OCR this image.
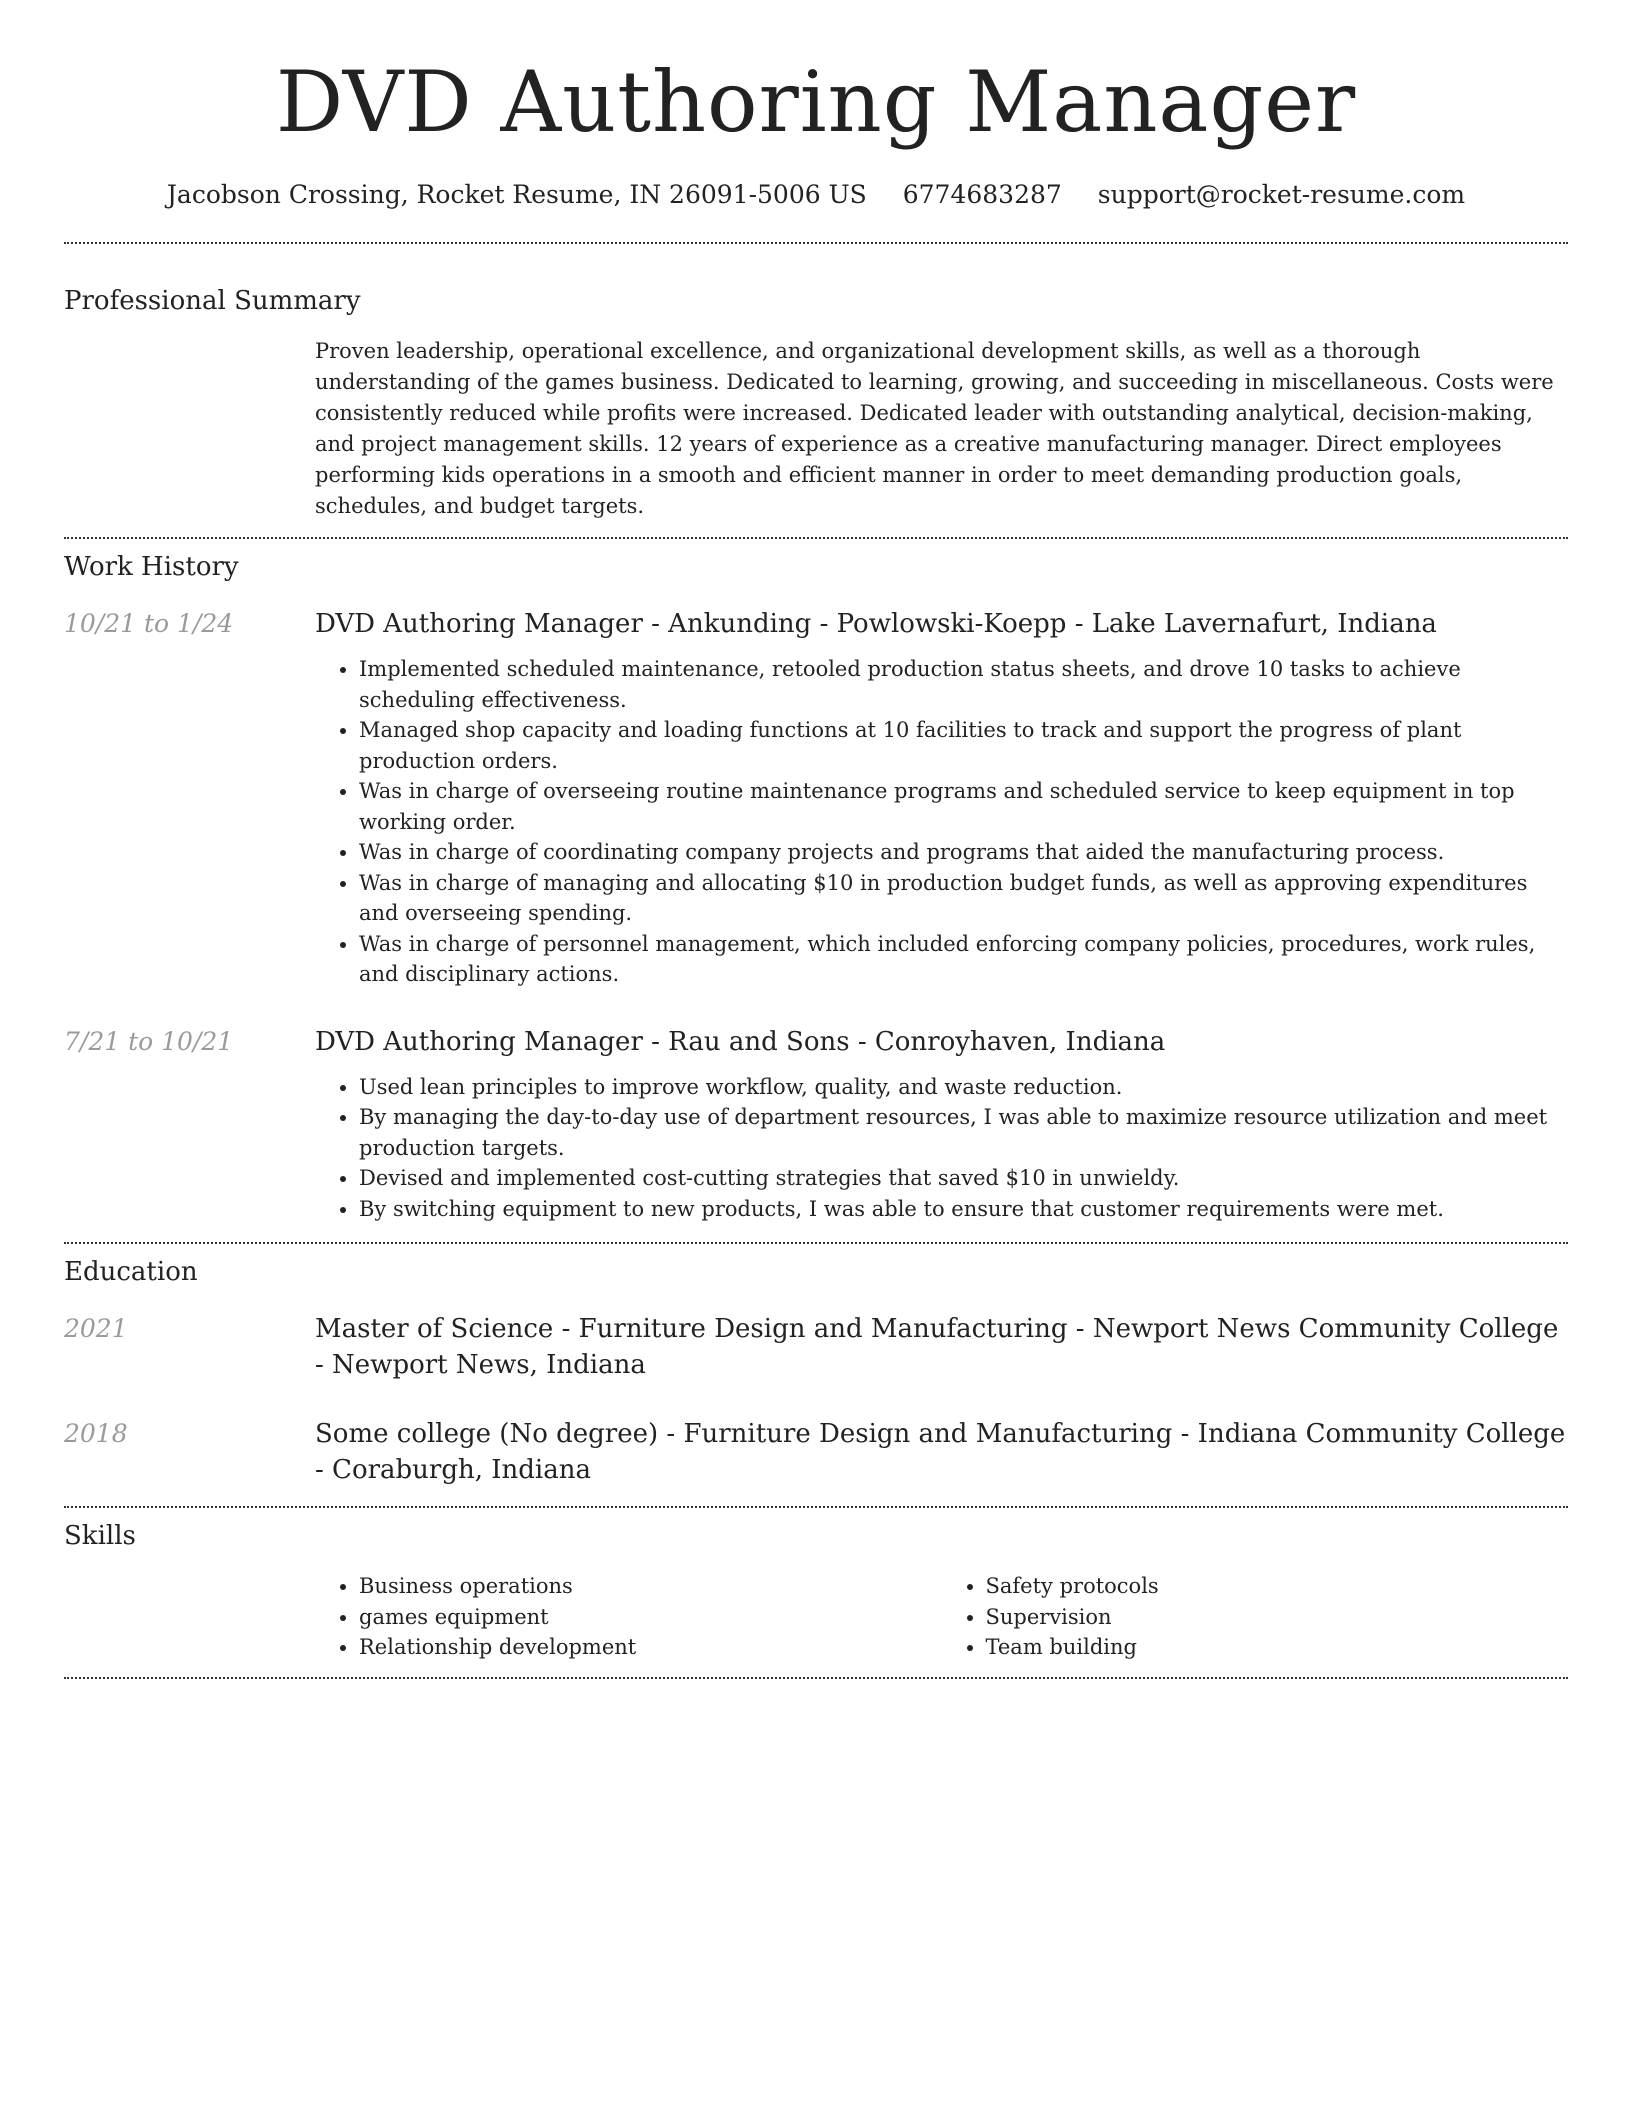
DVD Authoring Manager
Jacobson Crossing, Rocket Resume, IN 26091-5006 US 6774683287 support@rocket-resume.com
Professional Summary

Proven leadership, operational excellence, and organizational development skills, as well as a thorough understanding of the games business. Dedicated to learning, growing, and succeeding in miscellaneous. Costs were consistently reduced while profits were increased. Dedicated leader with outstanding analytical, decision-making, and project management skills. 12 years of experience as a creative manufacturing manager. Direct employees performing kids operations in a smooth and efficient manner in order to meet demanding production goals, schedules, and budget targets.

Work History
10/21 to 1/24	DVD Authoring Manager - Ankunding - Powlowski-Koepp - Lake Lavernafurt, Indiana

• Implemented scheduled maintenance, retooled production status sheets, and drove 10 tasks to achieve scheduling effectiveness.
• Managed shop capacity and loading functions at 10 facilities to track and support the progress of plant production orders.
• Was in charge of overseeing routine maintenance programs and scheduled service to keep equipment in top working order.
• Was in charge of coordinating company projects and programs that aided the manufacturing process.
• Was in charge of managing and allocating $10 in production budget funds, as well as approving expenditures and overseeing spending.
• Was in charge of personnel management, which included enforcing company policies, procedures, work rules, and disciplinary actions.
7/21 to 10/21	DVD Authoring Manager - Rau and Sons - Conroyhaven, Indiana

• Used lean principles to improve workflow, quality, and waste reduction.
• By managing the day-to-day use of department resources, I was able to maximize resource utilization and meet production targets.
• Devised and implemented cost-cutting strategies that saved $10 in unwieldy.
• By switching equipment to new products, I was able to ensure that customer requirements were met.
Education
2021	Master of Science - Furniture Design and Manufacturing - Newport News Community College - Newport News, Indiana

2018	Some college (No degree) - Furniture Design and Manufacturing - Indiana Community College - Coraburgh, Indiana

Skills
• Business operations
• games equipment
• Relationship development
• Safety protocols
• Supervision
• Team building
